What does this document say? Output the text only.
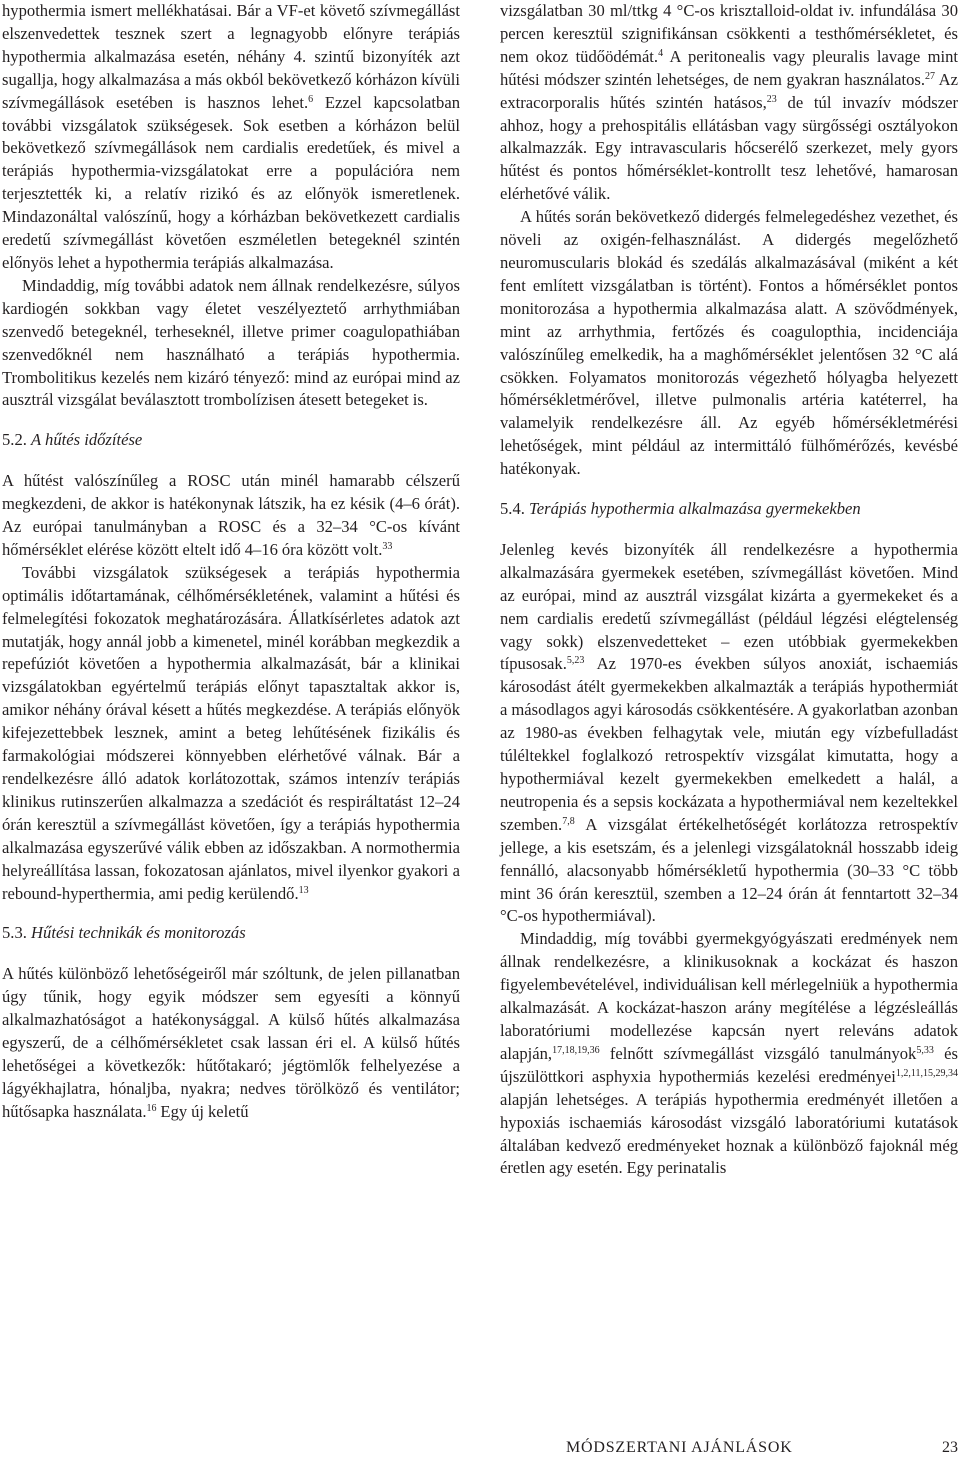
hypothermia ismert mellékhatásai. Bár a VF-et követő szívmegállást elszenvedettek tesznek szert a legnagyobb előnyre terápiás hypothermia alkalmazása esetén, néhány 4. szintű bizonyíték azt sugallja, hogy alkalmazása a más okból bekövetkező kórházon kívüli szívmegállások esetében is hasznos lehet.$^6$ Ezzel kapcsolatban további vizsgálatok szükségesek. Sok esetben a kórházon belül bekövetkező szívmegállások nem cardialis eredetűek, és mivel a terápiás hypothermia-vizsgálatokat erre a populációra nem terjesztették ki, a relatív rizikó és az előnyök ismeretlenek. Mindazonáltal valószínű, hogy a kórházban bekövetkezett cardialis eredetű szívmegállást követően eszméletlen betegeknél szintén előnyös lehet a hypothermia terápiás alkalmazása.

Mindaddig, míg további adatok nem állnak rendelkezésre, súlyos kardiogén sokkban vagy életet veszélyeztető arrhythmiában szenvedő betegeknél, terheseknél, illetve primer coagulopathiában szenvedőknél nem használható a terápiás hypothermia. Trombolitikus kezelés nem kizáró tényező: mind az európai mind az ausztrál vizsgálat beválasztott trombolízisen átesett betegeket is.

5.2. A hűtés időzítése

A hűtést valószínűleg a ROSC után minél hamarabb célszerű megkezdeni, de akkor is hatékonynak látszik, ha ez késik (4–6 órát). Az európai tanulmányban a ROSC és a 32–34 °C-os kívánt hőmérséklet elérése között eltelt idő 4–16 óra között volt.$^{33}$

További vizsgálatok szükségesek a terápiás hypothermia optimális időtartamának, célhőmérsékletének, valamint a hűtési és felmelegítési fokozatok meghatározására. Állatkísérletes adatok azt mutatják, hogy annál jobb a kimenetel, minél korábban megkezdik a repefúziót követően a hypothermia alkalmazását, bár a klinikai vizsgálatokban egyértelmű terápiás előnyt tapasztaltak akkor is, amikor néhány órával késett a hűtés megkezdése. A terápiás előnyök kifejezettebbek lesznek, amint a beteg lehűtésének fizikális és farmakológiai módszerei könnyebben elérhetővé válnak. Bár a rendelkezésre álló adatok korlátozottak, számos intenzív terápiás klinikus rutinszerűen alkalmazza a szedációt és respiráltatást 12–24 órán keresztül a szívmegállást követően, így a terápiás hypothermia alkalmazása egyszerűvé válik ebben az időszakban. A normothermia helyreállítása lassan, fokozatosan ajánlatos, mivel ilyenkor gyakori a rebound-hyperthermia, ami pedig kerülendő.$^{13}$

5.3. Hűtési technikák és monitorozás

A hűtés különböző lehetőségeiről már szóltunk, de jelen pillanatban úgy tűnik, hogy egyik módszer sem egyesíti a könnyű alkalmazhatóságot a hatékonysággal. A külső hűtés alkalmazása egyszerű, de a célhőmérsékletet csak lassan éri el. A külső hűtés lehetőségei a következők: hűtőtakaró; jégtömlők felhelyezése a lágyékhajlatra, hónaljba, nyakra; nedves törölköző és ventilátor; hűtősapka használata.$^{16}$ Egy új keletű

vizsgálatban 30 ml/ttkg 4 °C-os krisztalloid-oldat iv. infundálása 30 percen keresztül szignifikánsan csökkenti a testhőmérsékletet, és nem okoz tüdőödémát.$^4$ A peritonealis vagy pleuralis lavage mint hűtési módszer szintén lehetséges, de nem gyakran használatos.$^{27}$ Az extracorporalis hűtés szintén hatásos,$^{23}$ de túl invazív módszer ahhoz, hogy a prehospitális ellátásban vagy sürgősségi osztályokon alkalmazzák. Egy intravascularis hőcserélő szerkezet, mely gyors hűtést és pontos hőmérséklet-kontrollt tesz lehetővé, hamarosan elérhetővé válik.

A hűtés során bekövetkező didergés felmelegedéshez vezethet, és növeli az oxigén-felhasználást. A didergés megelőzhető neuromuscularis blokád és szedálás alkalmazásával (miként a két fent említett vizsgálatban is történt). Fontos a hőmérséklet pontos monitorozása a hypothermia alkalmazása alatt. A szövődmények, mint az arrhythmia, fertőzés és coagulopthia, incidenciája valószínűleg emelkedik, ha a maghőmérséklet jelentősen 32 °C alá csökken. Folyamatos monitorozás végezhető hólyagba helyezett hőmérsékletmérővel, illetve pulmonalis artéria katéterrel, ha valamelyik rendelkezésre áll. Az egyéb hőmérsékletmérési lehetőségek, mint például az intermittáló fülhőmérőzés, kevésbé hatékonyak.

5.4. Terápiás hypothermia alkalmazása gyermekekben

Jelenleg kevés bizonyíték áll rendelkezésre a hypothermia alkalmazására gyermekek esetében, szívmegállást követően. Mind az európai, mind az ausztrál vizsgálat kizárta a gyermekeket és a nem cardialis eredetű szívmegállást (például légzési elégtelenség vagy sokk) elszenvedetteket – ezen utóbbiak gyermekekben típusosak.$^{5,23}$ Az 1970-es években súlyos anoxiát, ischaemiás károsodást átélt gyermekekben alkalmazták a terápiás hypothermiát a másodlagos agyi károsodás csökkentésére. A gyakorlatban azonban az 1980-as években felhagytak vele, miután egy vízbefulladást túléltekkel foglalkozó retrospektív vizsgálat kimutatta, hogy a hypothermiával kezelt gyermekekben emelkedett a halál, a neutropenia és a sepsis kockázata a hypothermiával nem kezeltekkel szemben.$^{7,8}$ A vizsgálat értékelhetőségét korlátozza retrospektív jellege, a kis esetszám, és a jelenlegi vizsgálatoknál hosszabb ideig fennálló, alacsonyabb hőmérsékletű hypothermia (30–33 °C több mint 36 órán keresztül, szemben a 12–24 órán át fenntartott 32–34 °C-os hypothermiával).

Mindaddig, míg további gyermekgyógyászati eredmények nem állnak rendelkezésre, a klinikusoknak a kockázat és haszon figyelembevételével, individuálisan kell mérlegelniük a hypothermia alkalmazását. A kockázat-haszon arány megítélése a légzésleállás laboratóriumi modellezése kapcsán nyert releváns adatok alapján,$^{17,18,19,36}$ felnőtt szívmegállást vizsgáló tanulmányok$^{5,33}$ és újszülöttkori asphyxia hypothermiás kezelési eredményei$^{1,2,11,15,29,34}$ alapján lehetséges. A terápiás hypothermia eredményét illetően a hypoxiás ischaemiás károsodást vizsgáló laboratóriumi kutatások általában kedvező eredményeket hoznak a különböző fajoknál még éretlen agy esetén. Egy perinatalis

MÓDSZERTANI AJÁNLÁSOK	23
